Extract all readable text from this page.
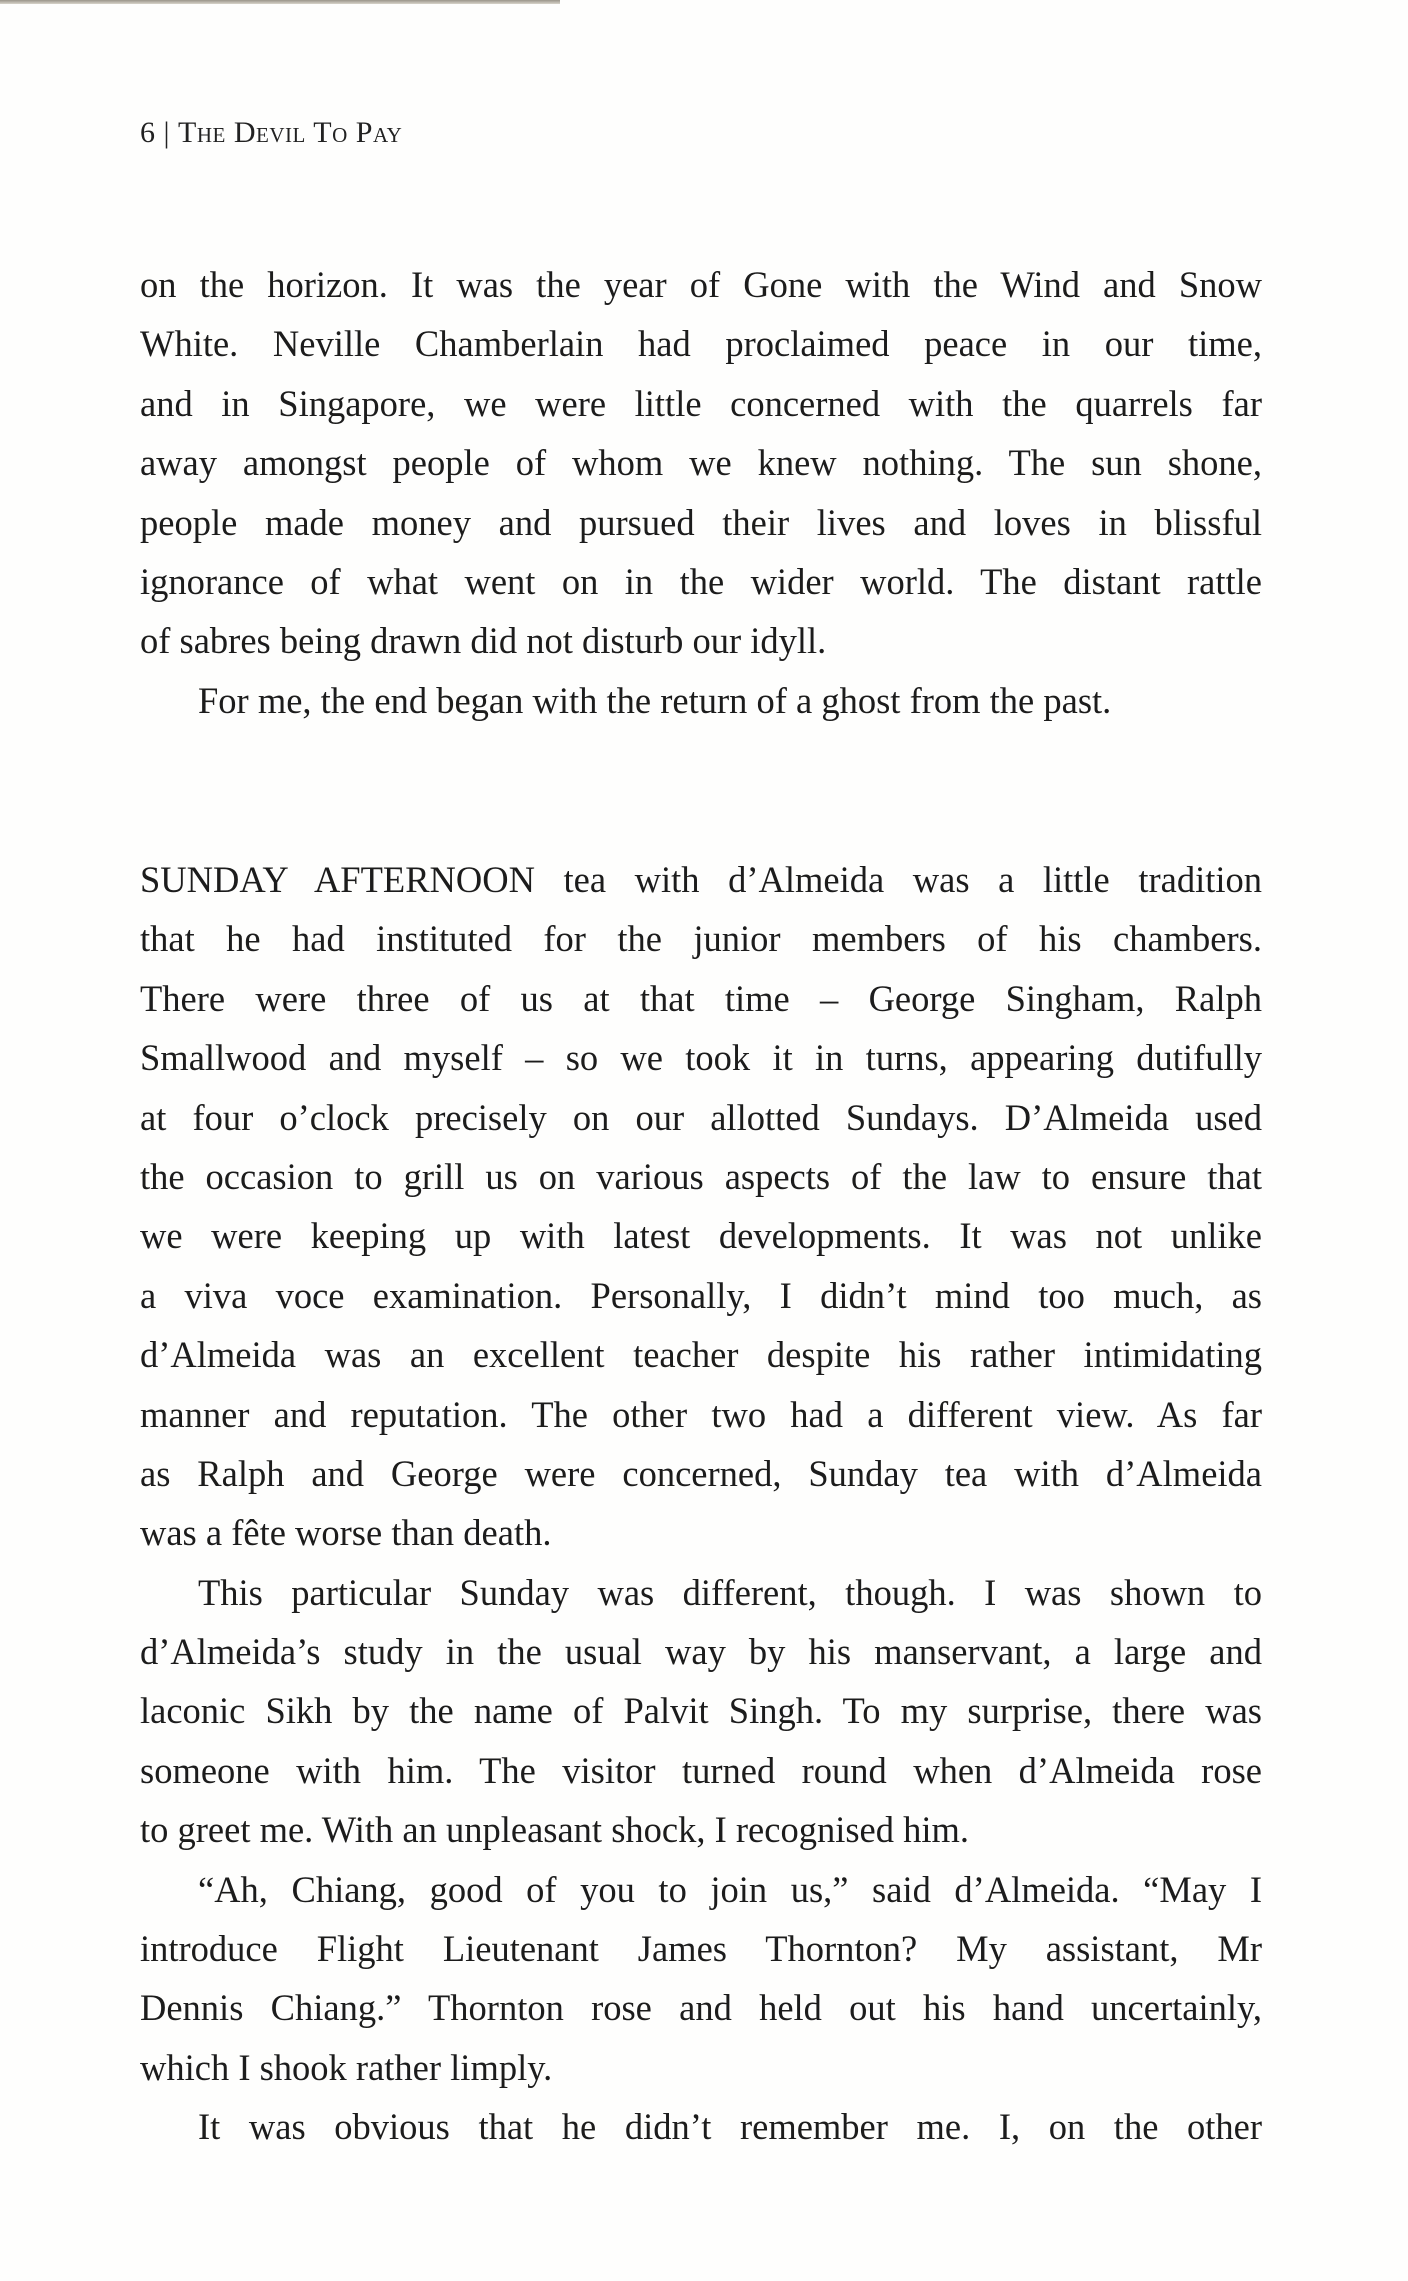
6 | The Devil To Pay
on the horizon. It was the year of Gone with the Wind and Snow
White. Neville Chamberlain had proclaimed peace in our time,
and in Singapore, we were little concerned with the quarrels far
away amongst people of whom we knew nothing. The sun shone,
people made money and pursued their lives and loves in blissful
ignorance of what went on in the wider world. The distant rattle
of sabres being drawn did not disturb our idyll.
For me, the end began with the return of a ghost from the past.
SUNDAY AFTERNOON tea with d’Almeida was a little tradition
that he had instituted for the junior members of his chambers.
There were three of us at that time – George Singham, Ralph
Smallwood and myself – so we took it in turns, appearing dutifully
at four o’clock precisely on our allotted Sundays. D’Almeida used
the occasion to grill us on various aspects of the law to ensure that
we were keeping up with latest developments. It was not unlike
a viva voce examination. Personally, I didn’t mind too much, as
d’Almeida was an excellent teacher despite his rather intimidating
manner and reputation. The other two had a different view. As far
as Ralph and George were concerned, Sunday tea with d’Almeida
was a fête worse than death.
This particular Sunday was different, though. I was shown to
d’Almeida’s study in the usual way by his manservant, a large and
laconic Sikh by the name of Palvit Singh. To my surprise, there was
someone with him. The visitor turned round when d’Almeida rose
to greet me. With an unpleasant shock, I recognised him.
“Ah, Chiang, good of you to join us,” said d’Almeida. “May I
introduce Flight Lieutenant James Thornton? My assistant, Mr
Dennis Chiang.” Thornton rose and held out his hand uncertainly,
which I shook rather limply.
It was obvious that he didn’t remember me. I, on the other
